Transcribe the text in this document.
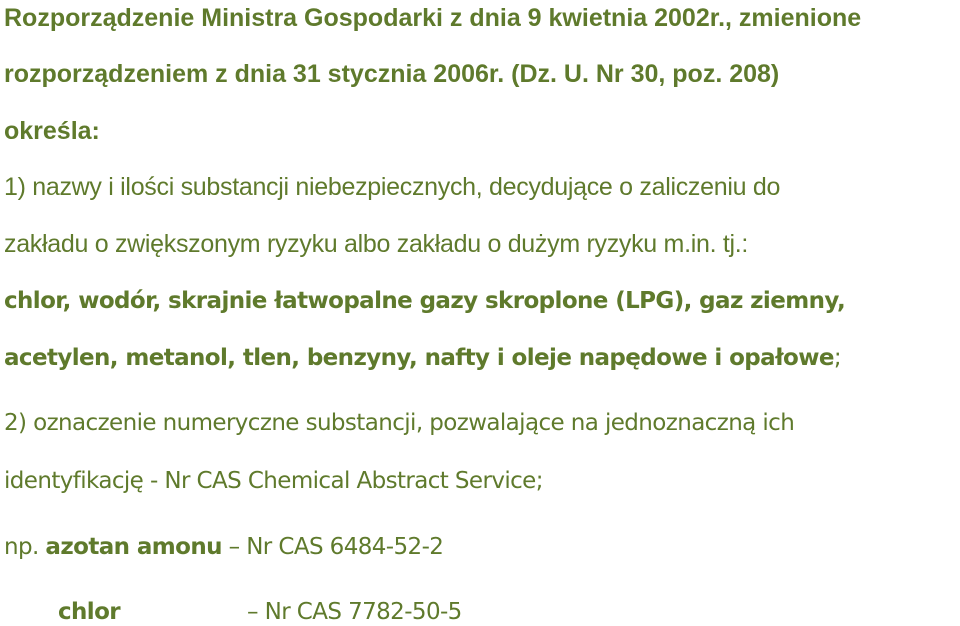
Rozporządzenie Ministra Gospodarki z dnia 9 kwietnia 2002r., zmienione
rozporządzeniem z dnia 31 stycznia 2006r. (Dz. U. Nr 30, poz. 208)
określa:
1) nazwy i ilości substancji niebezpiecznych, decydujące o zaliczeniu do
zakładu o zwiększonym ryzyku albo zakładu o dużym ryzyku m.in. tj.:
chlor, wodór, skrajnie łatwopalne gazy skroplone (LPG), gaz ziemny,
acetylen, metanol, tlen, benzyny, nafty i oleje napędowe i opałowe;
2) oznaczenie numeryczne substancji, pozwalające na jednoznaczną ich
identyfikację - Nr CAS Chemical Abstract Service;
np. azotan amonu – Nr CAS 6484-52-2
chlor	– Nr CAS 7782-50-5
